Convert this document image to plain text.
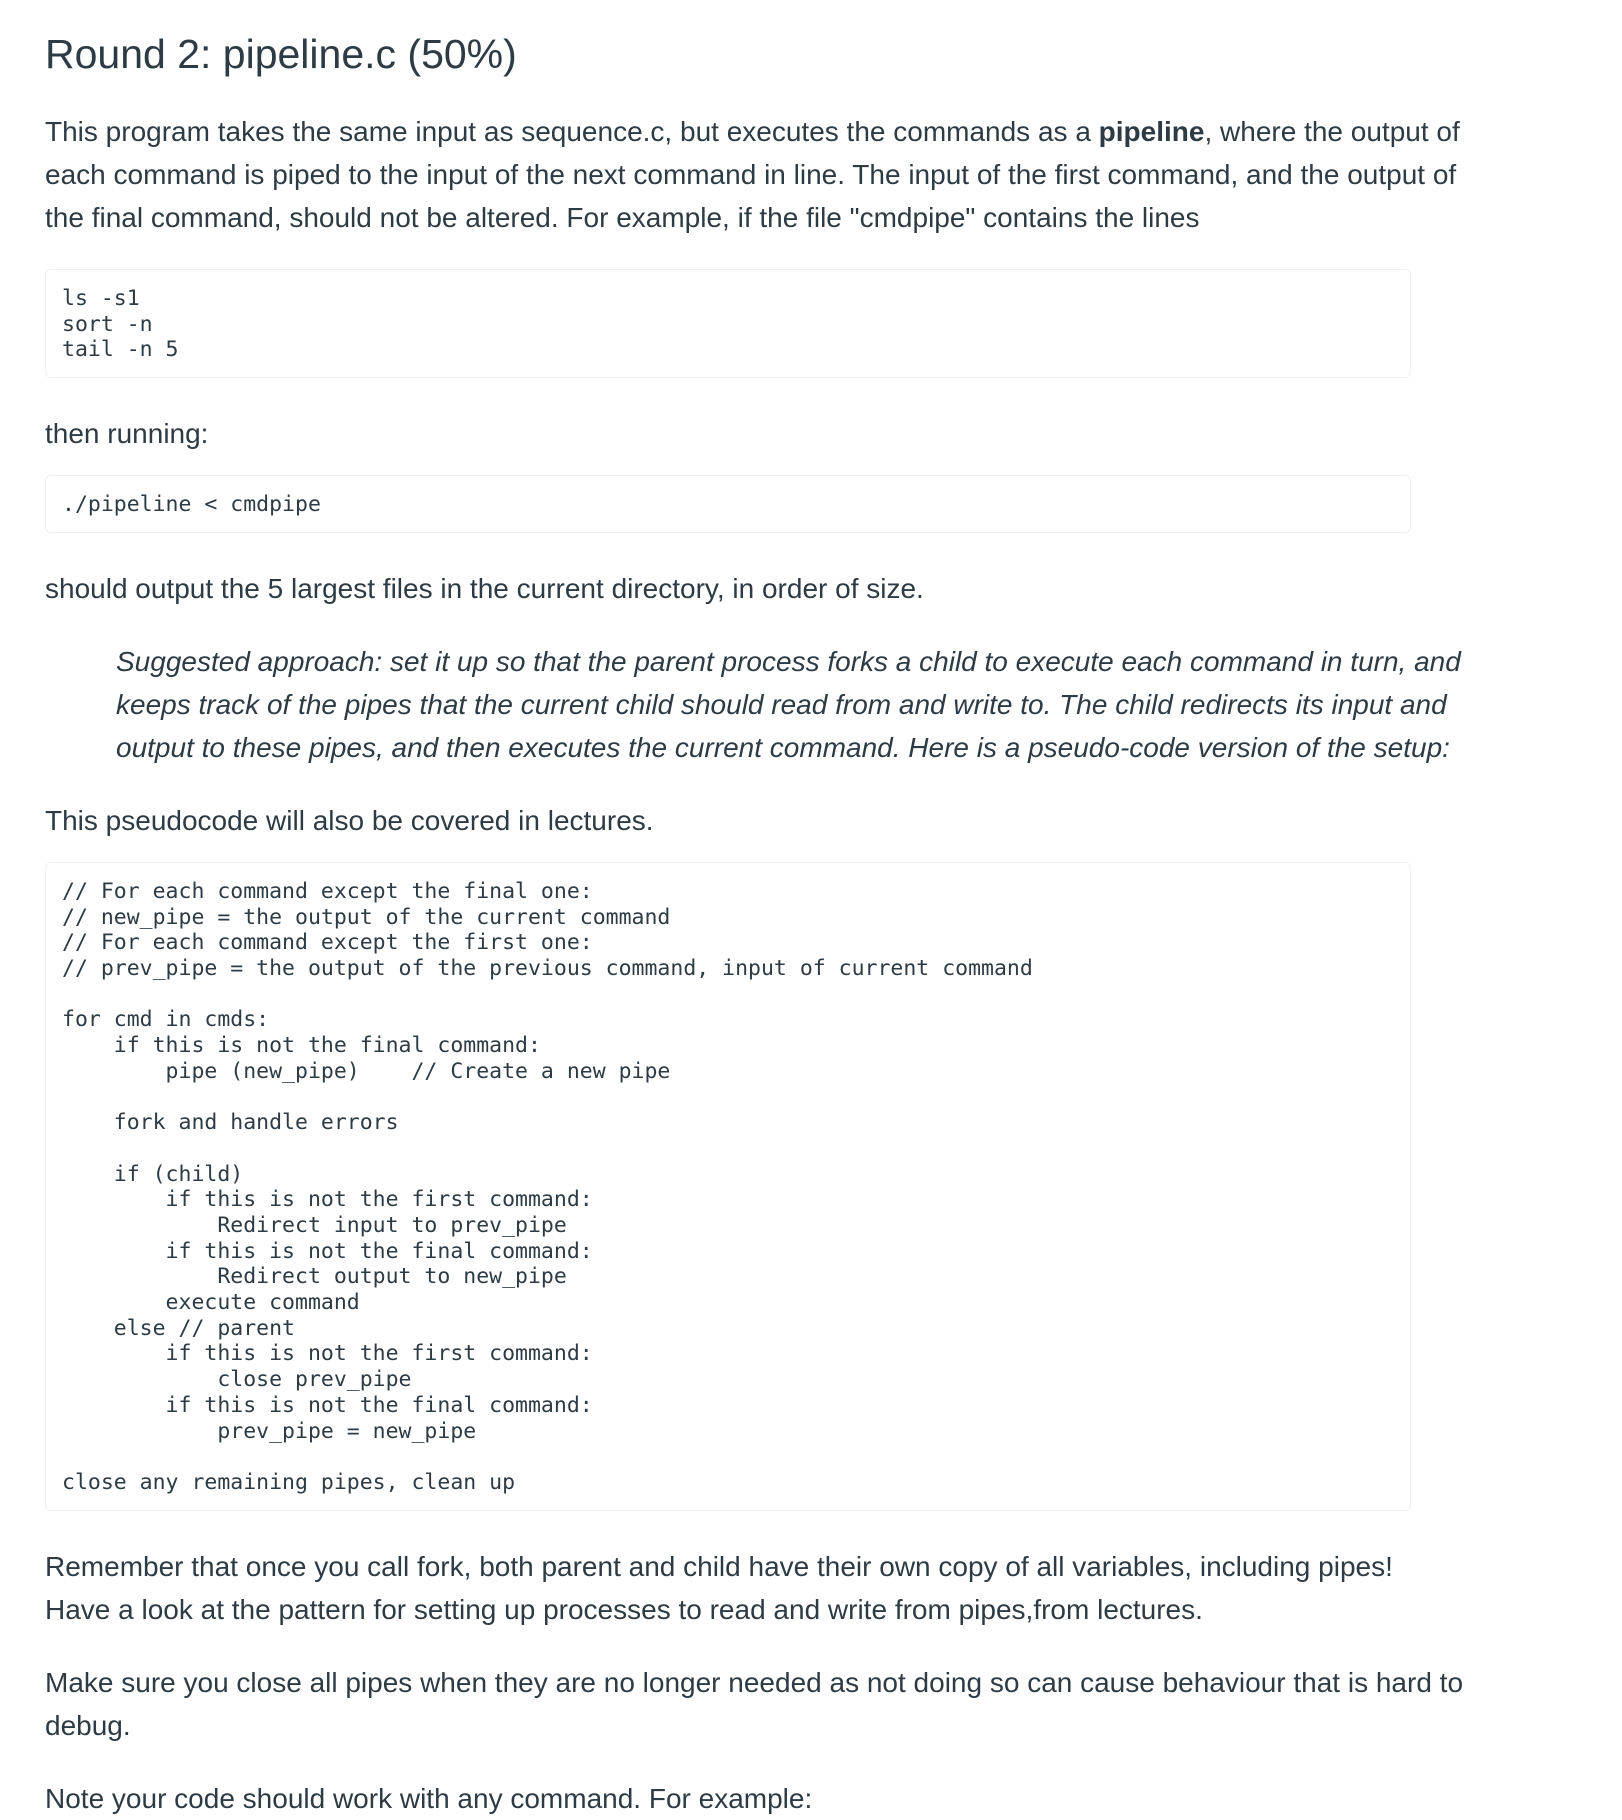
Round 2: pipeline.c (50%)

This program takes the same input as sequence.c, but executes the commands as a pipeline, where the output of each command is piped to the input of the next command in line. The input of the first command, and the output of the final command, should not be altered. For example, if the file "cmdpipe" contains the lines

ls -s1
sort -n
tail -n 5

then running:

./pipeline < cmdpipe

should output the 5 largest files in the current directory, in order of size.

Suggested approach: set it up so that the parent process forks a child to execute each command in turn, and keeps track of the pipes that the current child should read from and write to. The child redirects its input and output to these pipes, and then executes the current command. Here is a pseudo-code version of the setup:

This pseudocode will also be covered in lectures.

// For each command except the final one:
// new_pipe = the output of the current command
// For each command except the first one:
// prev_pipe = the output of the previous command, input of current command

for cmd in cmds:
if this is not the final command:
pipe (new_pipe)    // Create a new pipe

fork and handle errors

if (child)
if this is not the first command:
Redirect input to prev_pipe
if this is not the final command:
Redirect output to new_pipe
execute command
else // parent
if this is not the first command:
close prev_pipe
if this is not the final command:
prev_pipe = new_pipe

close any remaining pipes, clean up

Remember that once you call fork, both parent and child have their own copy of all variables, including pipes! Have a look at the pattern for setting up processes to read and write from pipes,from lectures.

Make sure you close all pipes when they are no longer needed as not doing so can cause behaviour that is hard to debug.

Note your code should work with any command. For example:
